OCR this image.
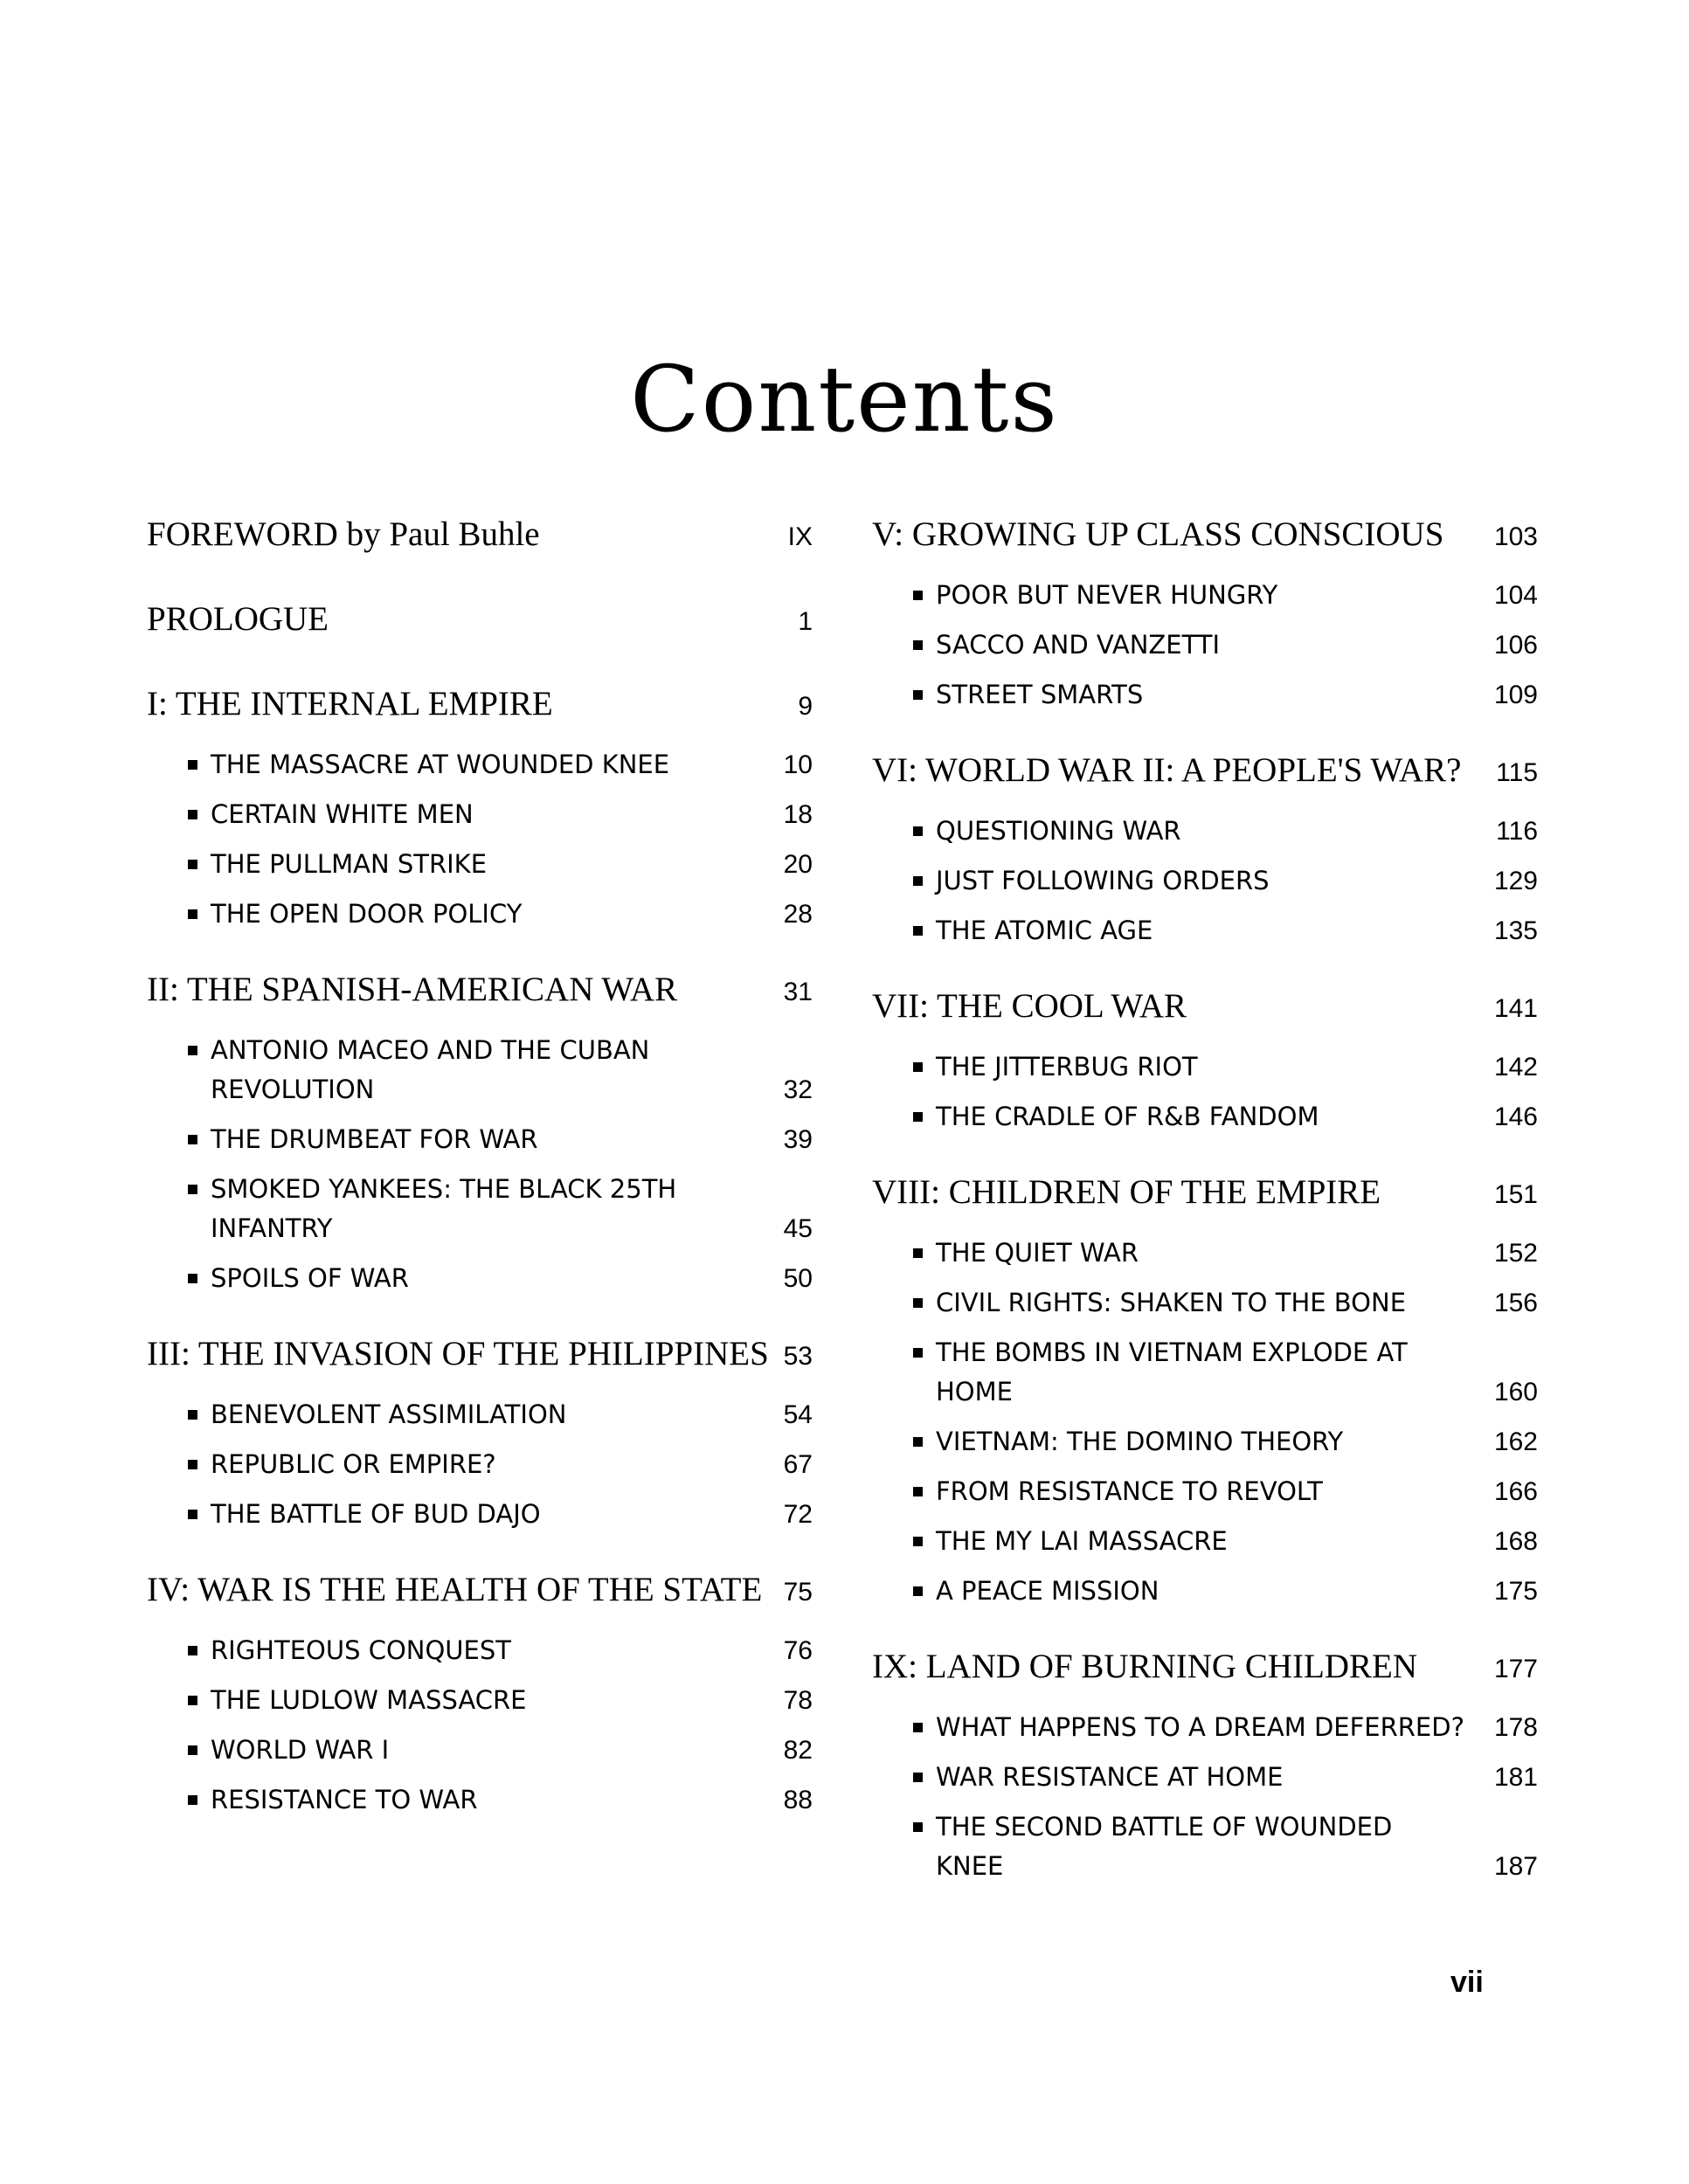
Contents
FOREWORD by Paul Buhle	IX
PROLOGUE	1
I: THE INTERNAL EMPIRE	9
THE MASSACRE AT WOUNDED KNEE	10
CERTAIN WHITE MEN	18
THE PULLMAN STRIKE	20
THE OPEN DOOR POLICY	28
II: THE SPANISH-AMERICAN WAR	31
ANTONIO MACEO AND THE CUBAN REVOLUTION	32
THE DRUMBEAT FOR WAR	39
SMOKED YANKEES: THE BLACK 25TH INFANTRY	45
SPOILS OF WAR	50
III: THE INVASION OF THE PHILIPPINES 53
BENEVOLENT ASSIMILATION	54
REPUBLIC OR EMPIRE?	67
THE BATTLE OF BUD DAJO	72
IV: WAR IS THE HEALTH OF THE STATE 75
RIGHTEOUS CONQUEST	76
THE LUDLOW MASSACRE	78
WORLD WAR I	82
RESISTANCE TO WAR	88
V: GROWING UP CLASS CONSCIOUS 103
POOR BUT NEVER HUNGRY	104
SACCO AND VANZETTI	106
STREET SMARTS	109
VI: WORLD WAR II: A PEOPLE'S WAR? 115
QUESTIONING WAR	116
JUST FOLLOWING ORDERS	129
THE ATOMIC AGE	135
VII: THE COOL WAR	141
THE JITTERBUG RIOT	142
THE CRADLE OF R&B FANDOM	146
VIII: CHILDREN OF THE EMPIRE	151
THE QUIET WAR	152
CIVIL RIGHTS: SHAKEN TO THE BONE	156
THE BOMBS IN VIETNAM EXPLODE AT HOME	160
VIETNAM: THE DOMINO THEORY	162
FROM RESISTANCE TO REVOLT	166
THE MY LAI MASSACRE	168
A PEACE MISSION	175
IX: LAND OF BURNING CHILDREN	177
WHAT HAPPENS TO A DREAM DEFERRED?	178
WAR RESISTANCE AT HOME	181
THE SECOND BATTLE OF WOUNDED KNEE	187
vii
